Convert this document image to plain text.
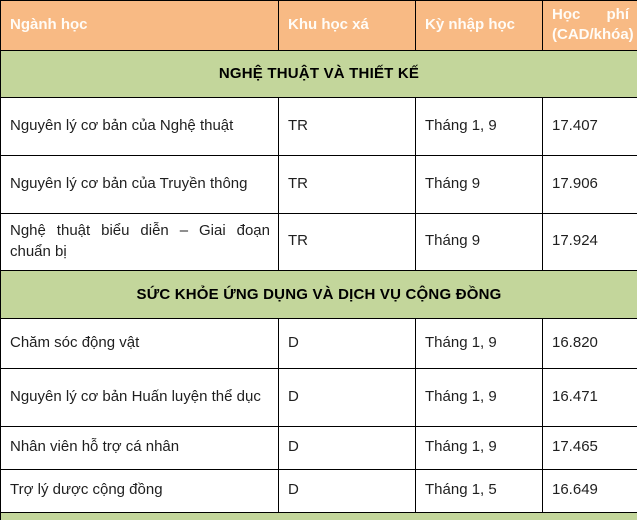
Ngành học	Khu học xá	Kỳ nhập học	Học phí
(CAD/khóa)

NGHỆ THUẬT VÀ THIẾT KẾ			
Nguyên lý cơ bản của Nghệ thuật	TR	Tháng 1, 9	17.407
Nguyên lý cơ bản của Truyền thông	TR	Tháng 9	17.906
Nghệ thuật biểu diễn – Giai đoạn chuẩn bị	TR	Tháng 9	17.924
SỨC KHỎE ỨNG DỤNG VÀ DỊCH VỤ CỘNG ĐỒNG			
Chăm sóc động vật	D	Tháng 1, 9	16.820
Nguyên lý cơ bản Huấn luyện thể dục	D	Tháng 1, 9	16.471
Nhân viên hỗ trợ cá nhân	D	Tháng 1, 9	17.465
Trợ lý dược cộng đồng	D	Tháng 1, 5	16.649
